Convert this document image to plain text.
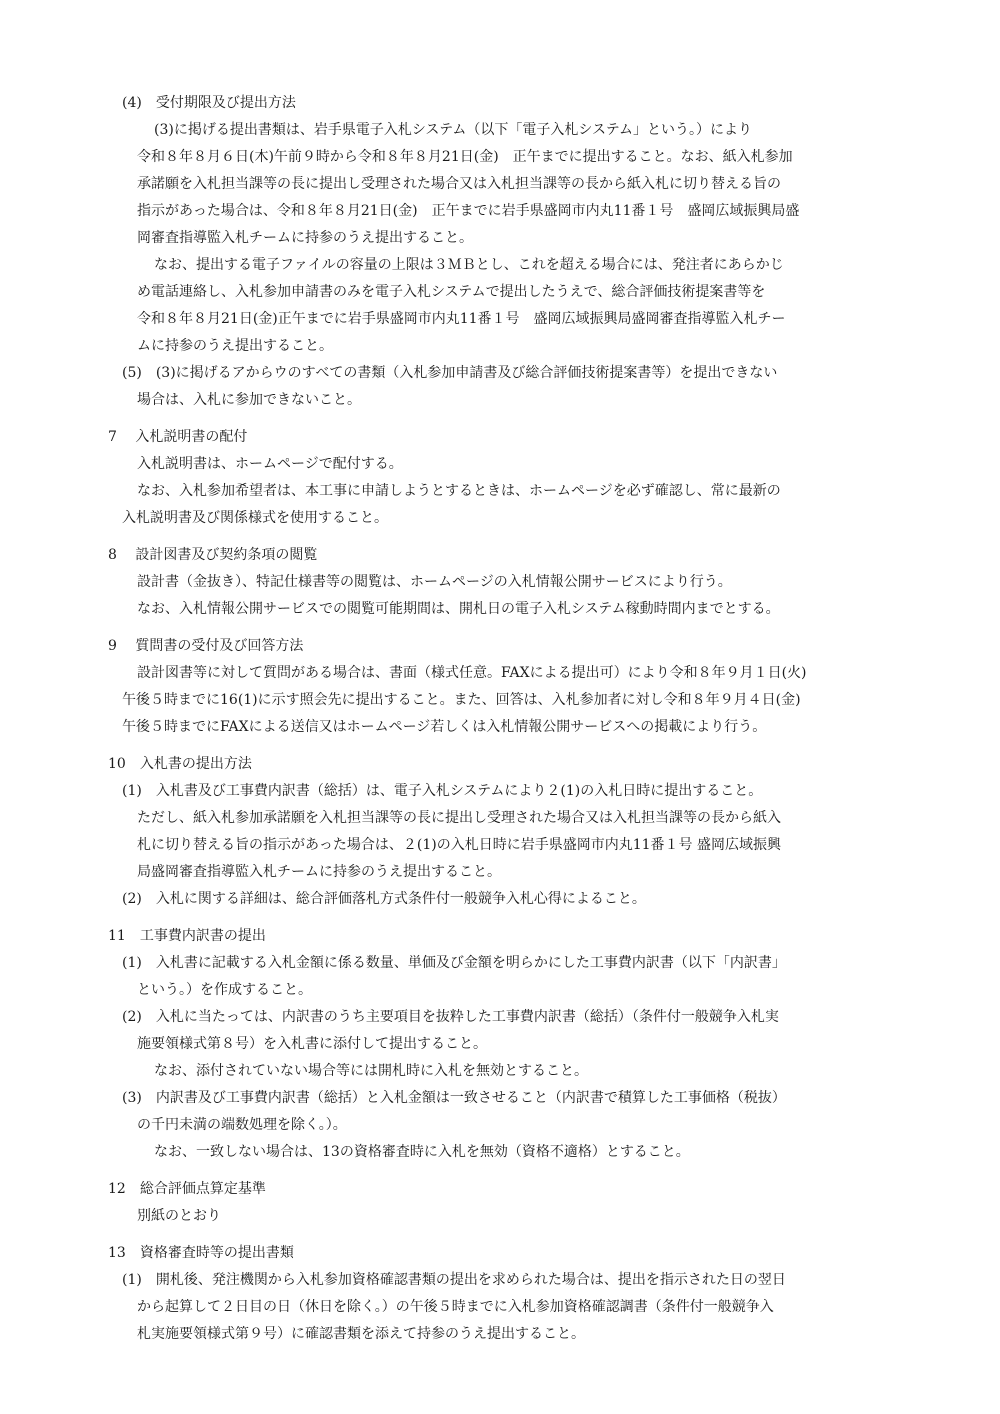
(4)　受付期限及び提出方法
(3)に掲げる提出書類は、岩手県電子入札システム（以下「電子入札システム」という。）により
令和８年８月６日(木)午前９時から令和８年８月21日(金)　正午までに提出すること。なお、紙入札参加
承諾願を入札担当課等の長に提出し受理された場合又は入札担当課等の長から紙入札に切り替える旨の
指示があった場合は、令和８年８月21日(金)　正午までに岩手県盛岡市内丸11番１号　盛岡広域振興局盛
岡審査指導監入札チームに持参のうえ提出すること。
なお、提出する電子ファイルの容量の上限は３ＭＢとし、これを超える場合には、発注者にあらかじ
め電話連絡し、入札参加申請書のみを電子入札システムで提出したうえで、総合評価技術提案書等を
令和８年８月21日(金)正午までに岩手県盛岡市内丸11番１号　盛岡広域振興局盛岡審査指導監入札チー
ムに持参のうえ提出すること。
(5)　(3)に掲げるアからウのすべての書類（入札参加申請書及び総合評価技術提案書等）を提出できない
場合は、入札に参加できないこと。
7　 入札説明書の配付
入札説明書は、ホームページで配付する。
なお、入札参加希望者は、本工事に申請しようとするときは、ホームページを必ず確認し、常に最新の
入札説明書及び関係様式を使用すること。
8　 設計図書及び契約条項の閲覧
設計書（金抜き）、特記仕様書等の閲覧は、ホームページの入札情報公開サービスにより行う。
なお、入札情報公開サービスでの閲覧可能期間は、開札日の電子入札システム稼動時間内までとする。
9　 質問書の受付及び回答方法
設計図書等に対して質問がある場合は、書面（様式任意。FAXによる提出可）により令和８年９月１日(火)
午後５時までに16(1)に示す照会先に提出すること。また、回答は、入札参加者に対し令和８年９月４日(金)
午後５時までにFAXによる送信又はホームページ若しくは入札情報公開サービスへの掲載により行う。
10　入札書の提出方法
(1)　入札書及び工事費内訳書（総括）は、電子入札システムにより２(1)の入札日時に提出すること。
ただし、紙入札参加承諾願を入札担当課等の長に提出し受理された場合又は入札担当課等の長から紙入
札に切り替える旨の指示があった場合は、２(1)の入札日時に岩手県盛岡市内丸11番１号 盛岡広域振興
局盛岡審査指導監入札チームに持参のうえ提出すること。
(2)　入札に関する詳細は、総合評価落札方式条件付一般競争入札心得によること。
11　工事費内訳書の提出
(1)　入札書に記載する入札金額に係る数量、単価及び金額を明らかにした工事費内訳書（以下「内訳書」
という。）を作成すること。
(2)　入札に当たっては、内訳書のうち主要項目を抜粋した工事費内訳書（総括）（条件付一般競争入札実
施要領様式第８号）を入札書に添付して提出すること。
なお、添付されていない場合等には開札時に入札を無効とすること。
(3)　内訳書及び工事費内訳書（総括）と入札金額は一致させること（内訳書で積算した工事価格（税抜）
の千円未満の端数処理を除く。）。
なお、一致しない場合は、13の資格審査時に入札を無効（資格不適格）とすること。
12　総合評価点算定基準
別紙のとおり
13　資格審査時等の提出書類
(1)　開札後、発注機関から入札参加資格確認書類の提出を求められた場合は、提出を指示された日の翌日
から起算して２日目の日（休日を除く。）の午後５時までに入札参加資格確認調書（条件付一般競争入
札実施要領様式第９号）に確認書類を添えて持参のうえ提出すること。
